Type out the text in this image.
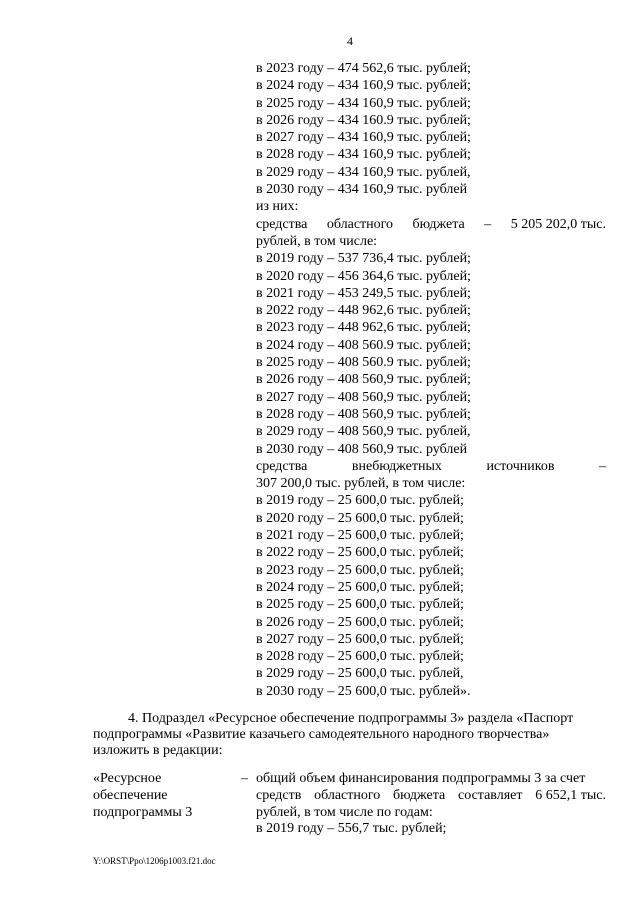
4
в 2023 году – 474 562,6 тыс. рублей;
в 2024 году – 434 160,9 тыс. рублей;
в 2025 году – 434 160,9 тыс. рублей;
в 2026 году – 434 160.9 тыс. рублей;
в 2027 году – 434 160,9 тыс. рублей;
в 2028 году – 434 160,9 тыс. рублей;
в 2029 году – 434 160,9 тыс. рублей,
в 2030 году – 434 160,9 тыс. рублей
из них:
средства областного бюджета – 5 205 202,0 тыс.
рублей, в том числе:
в 2019 году – 537 736,4 тыс. рублей;
в 2020 году – 456 364,6 тыс. рублей;
в 2021 году – 453 249,5 тыс. рублей;
в 2022 году – 448 962,6 тыс. рублей;
в 2023 году – 448 962,6 тыс. рублей;
в 2024 году – 408 560.9 тыс. рублей;
в 2025 году – 408 560.9 тыс. рублей;
в 2026 году – 408 560,9 тыс. рублей;
в 2027 году – 408 560,9 тыс. рублей;
в 2028 году – 408 560,9 тыс. рублей;
в 2029 году – 408 560,9 тыс. рублей,
в 2030 году – 408 560,9 тыс. рублей
средства	внебюджетных	источников	–
307 200,0 тыс. рублей, в том числе:
в 2019 году – 25 600,0 тыс. рублей;
в 2020 году – 25 600,0 тыс. рублей;
в 2021 году – 25 600,0 тыс. рублей;
в 2022 году – 25 600,0 тыс. рублей;
в 2023 году – 25 600,0 тыс. рублей;
в 2024 году – 25 600,0 тыс. рублей;
в 2025 году – 25 600,0 тыс. рублей;
в 2026 году – 25 600,0 тыс. рублей;
в 2027 году – 25 600,0 тыс. рублей;
в 2028 году – 25 600,0 тыс. рублей;
в 2029 году – 25 600,0 тыс. рублей,
в 2030 году – 25 600,0 тыс. рублей».
4. Подраздел «Ресурсное обеспечение подпрограммы 3» раздела «Паспорт
подпрограммы «Развитие казачьего самодеятельного народного творчества»
изложить в редакции:
«Ресурсное	–
обеспечение
подпрограммы 3
общий объем финансирования подпрограммы 3 за счет
средств областного бюджета составляет 6 652,1 тыс.
рублей, в том числе по годам:
в 2019 году – 556,7 тыс. рублей;
Y:\ORST\Ppo\1206p1003.f21.doc
